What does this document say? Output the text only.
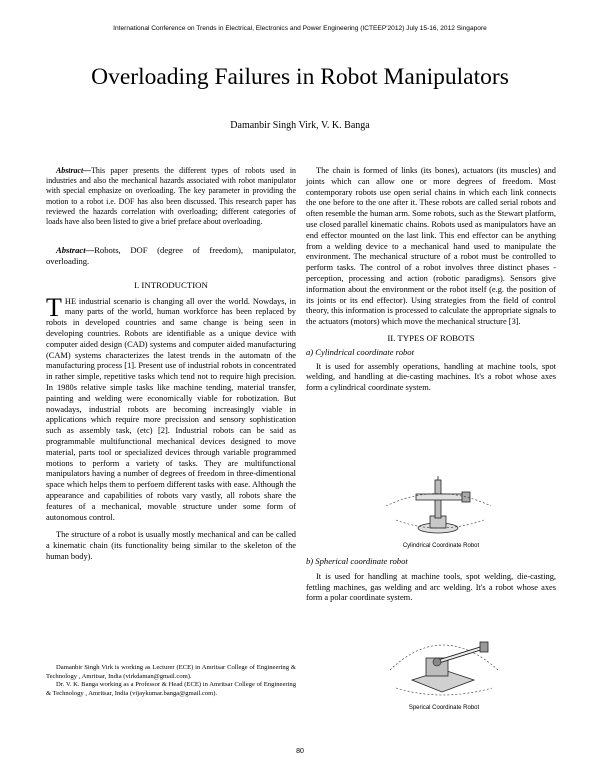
International Conference on Trends in Electrical, Electronics and Power Engineering (ICTEEP'2012) July 15-16, 2012 Singapore
Overloading Failures in Robot Manipulators
Damanbir Singh Virk, V. K. Banga

Abstract—This paper presents the different types of robots used in industries and also the mechanical hazards associated with robot manipulator with special emphasize on overloading. The key parameter in providing the motion to a robot i.e. DOF has also been discussed. This research paper has reviewed the hazards correlation with overloading; different categories of loads have also been listed to give a brief preface about overloading.

Abstract—Robots, DOF (degree of freedom), manipulator, overloading.

I. INTRODUCTION

THE industrial scenario is changing all over the world. Nowdays, in many parts of the world, human workforce has been replaced by robots in developed countries and same change is being seen in developing countries. Robots are identifiable as a unique device with computer aided design (CAD) systems and computer aided manufacturing (CAM) systems characterizes the latest trends in the automatn of the manufacturing process [1]. Present use of industrial robots in concentrated in rather simple, repetitive tasks which tend not to require high precision. In 1980s relative simple tasks like machine tending, material transfer, painting and welding were economically viable for robotization. But nowadays, industrial robots are becoming increasingly viable in applications which require more precission and sensory sophistication such as assembly task, (etc) [2]. Industrial robots can be said as programmable multifunctional mechanical devices designed to move material, parts tool or specialized devices through variable programmed motions to perform a variety of tasks. They are multifunctional manipulators having a number of degrees of freedom in three-dimentional space which helps them to perfoem different tasks with ease. Although the appearance and capabilities of robots vary vastly, all robots share the features of a mechanical, movable structure under some form of autonomous control.

The structure of a robot is usually mostly mechanical and can be called a kinematic chain (its functionality being similar to the skeleton of the human body).

Damanbir Singh Virk is working as Lecturer (ECE) in Amritsar College of Engineering & Technology , Amritsar, India (virkdaman@gmail.com).

Dr. V. K. Banga working as a Professor & Head (ECE) in Amritsar College of Engineering & Technology , Amritsar, India (vijaykumar.banga@gmail.com).

The chain is formed of links (its bones), actuators (its muscles) and joints which can allow one or more degrees of freedom. Most contemporary robots use open serial chains in which each link connects the one before to the one after it. These robots are called serial robots and often resemble the human arm. Some robots, such as the Stewart platform, use closed parallel kinematic chains. Robots used as manipulators have an end effector mounted on the last link. This end effector can be anything from a welding device to a mechanical hand used to manipulate the environment. The mechanical structure of a robot must be controlled to perform tasks. The control of a robot involves three distinct phases - perception, processing and action (robotic paradigms). Sensors give information about the environment or the robot itself (e.g. the position of its joints or its end effector). Using strategies from the field of control theory, this information is processed to calculate the appropriate signals to the actuators (motors) which move the mechanical structure [3].

II. TYPES OF ROBOTS

a) Cylindrical coordinate robot

It is used for assembly operations, handling at machine tools, spot welding, and handling at die-casting machines. It's a robot whose axes form a cylindrical coordinate system.

Cylindrical Coordinate Robot

b) Spherical coordinate robot

It is used for handling at machine tools, spot welding, die-casting, fettling machines, gas welding and arc welding. It's a robot whose axes form a polar coordinate system.

Sperical Coordinate Robot
80
